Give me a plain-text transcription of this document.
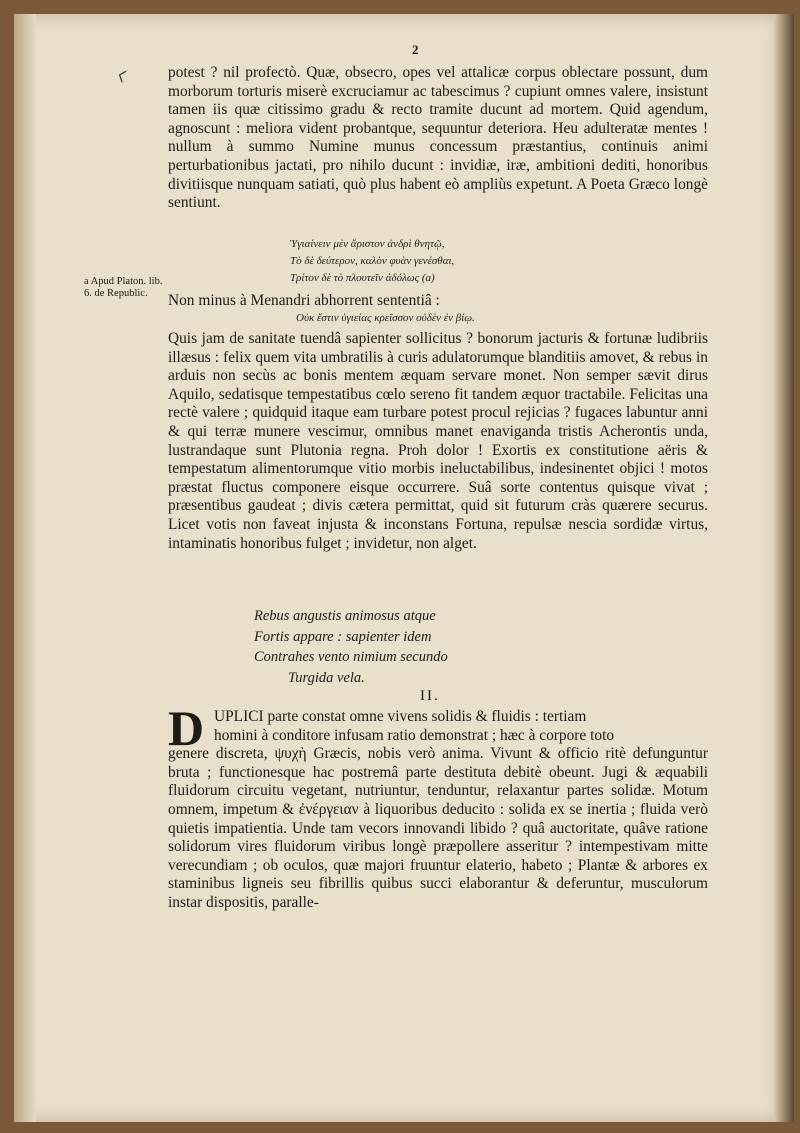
ᚲ
2
potest ? nil profectò. Quæ, obsecro, opes vel attalicæ corpus oblectare possunt, dum morborum torturis miserè excruciamur ac tabescimus ? cupiunt omnes valere, insistunt tamen iis quæ citissimo gradu & recto tramite ducunt ad mortem. Quid agendum, agnoscunt : meliora vident probantque, sequuntur deteriora. Heu adulteratæ mentes ! nullum à summo Numine munus concessum præstantius, continuis animi perturbationibus jactati, pro nihilo ducunt : invidiæ, iræ, ambitioni dediti, honoribus divitiisque nunquam satiati, quò plus habent eò ampliùs expetunt. A Poeta Græco longè sentiunt.
Ὑγιαίνειν μὲν ἄριστον ἀνδρὶ θνητῷ,
Τὸ δὲ δεύτερον, καλὸν φυὰν γενέσθαι,
Τρίτον δὲ τὸ πλουτεῖν ἀδόλως (a)
a Apud Platon. lib. 6. de Republic.	Non minus à Menandri abhorrent sententiâ :
Οὐκ ἔστιν ὑγιείας κρεῖσσον οὐδὲν ἐν βίῳ.
Quis jam de sanitate tuendâ sapienter sollicitus ? bonorum jacturis & fortunæ ludibriis illæsus : felix quem vita umbratilis à curis adulatorumque blanditiis amovet, & rebus in arduis non secùs ac bonis mentem æquam servare monet. Non semper sævit dirus Aquilo, sedatisque tempestatibus cœlo sereno fit tandem æquor tractabile. Felicitas una rectè valere ; quidquid itaque eam turbare potest procul rejicias ? fugaces labuntur anni & qui terræ munere vescimur, omnibus manet enaviganda tristis Acherontis unda, lustrandaque sunt Plutonia regna. Proh dolor ! Exortis ex constitutione aëris & tempestatum alimentorumque vitio morbis ineluctabilibus, indesinentet objici ! motos præstat fluctus componere eisque occurrere. Suâ sorte contentus quisque vivat ; præsentibus gaudeat ; divis cætera permittat, quid sit futurum cràs quærere securus. Licet votis non faveat injusta & inconstans Fortuna, repulsæ nescia sordidæ virtus, intaminatis honoribus fulget ; invidetur, non alget.
Rebus angustis animosus atque
Fortis appare : sapienter idem
Contrahes vento nimium secundo
Turgida vela.
II.
D UPLICI parte constat omne vivens solidis & fluidis : tertiam
homini à conditore infusam ratio demonstrat ; hæc à corpore toto
genere discreta, ψυχὴ Græcis, nobis verò anima. Vivunt & officio ritè defunguntur bruta ; functionesque hac postremâ parte destituta debitè obeunt. Jugi & æquabili fluidorum circuitu vegetant, nutriuntur, tenduntur, relaxantur partes solidæ. Motum omnem, impetum & ἐνέργειαν à liquoribus deducito : solida ex se inertia ; fluida verò quietis impatientia. Unde tam vecors innovandi libido ? quâ auctoritate, quâve ratione solidorum vires fluidorum viribus longè præpollere asseritur ? intempestivam mitte verecundiam ; ob oculos, quæ majori fruuntur elaterio, habeto ; Plantæ & arbores ex staminibus ligneis seu fibrillis quibus succi elaborantur & deferuntur, musculorum instar dispositis, paralle-
